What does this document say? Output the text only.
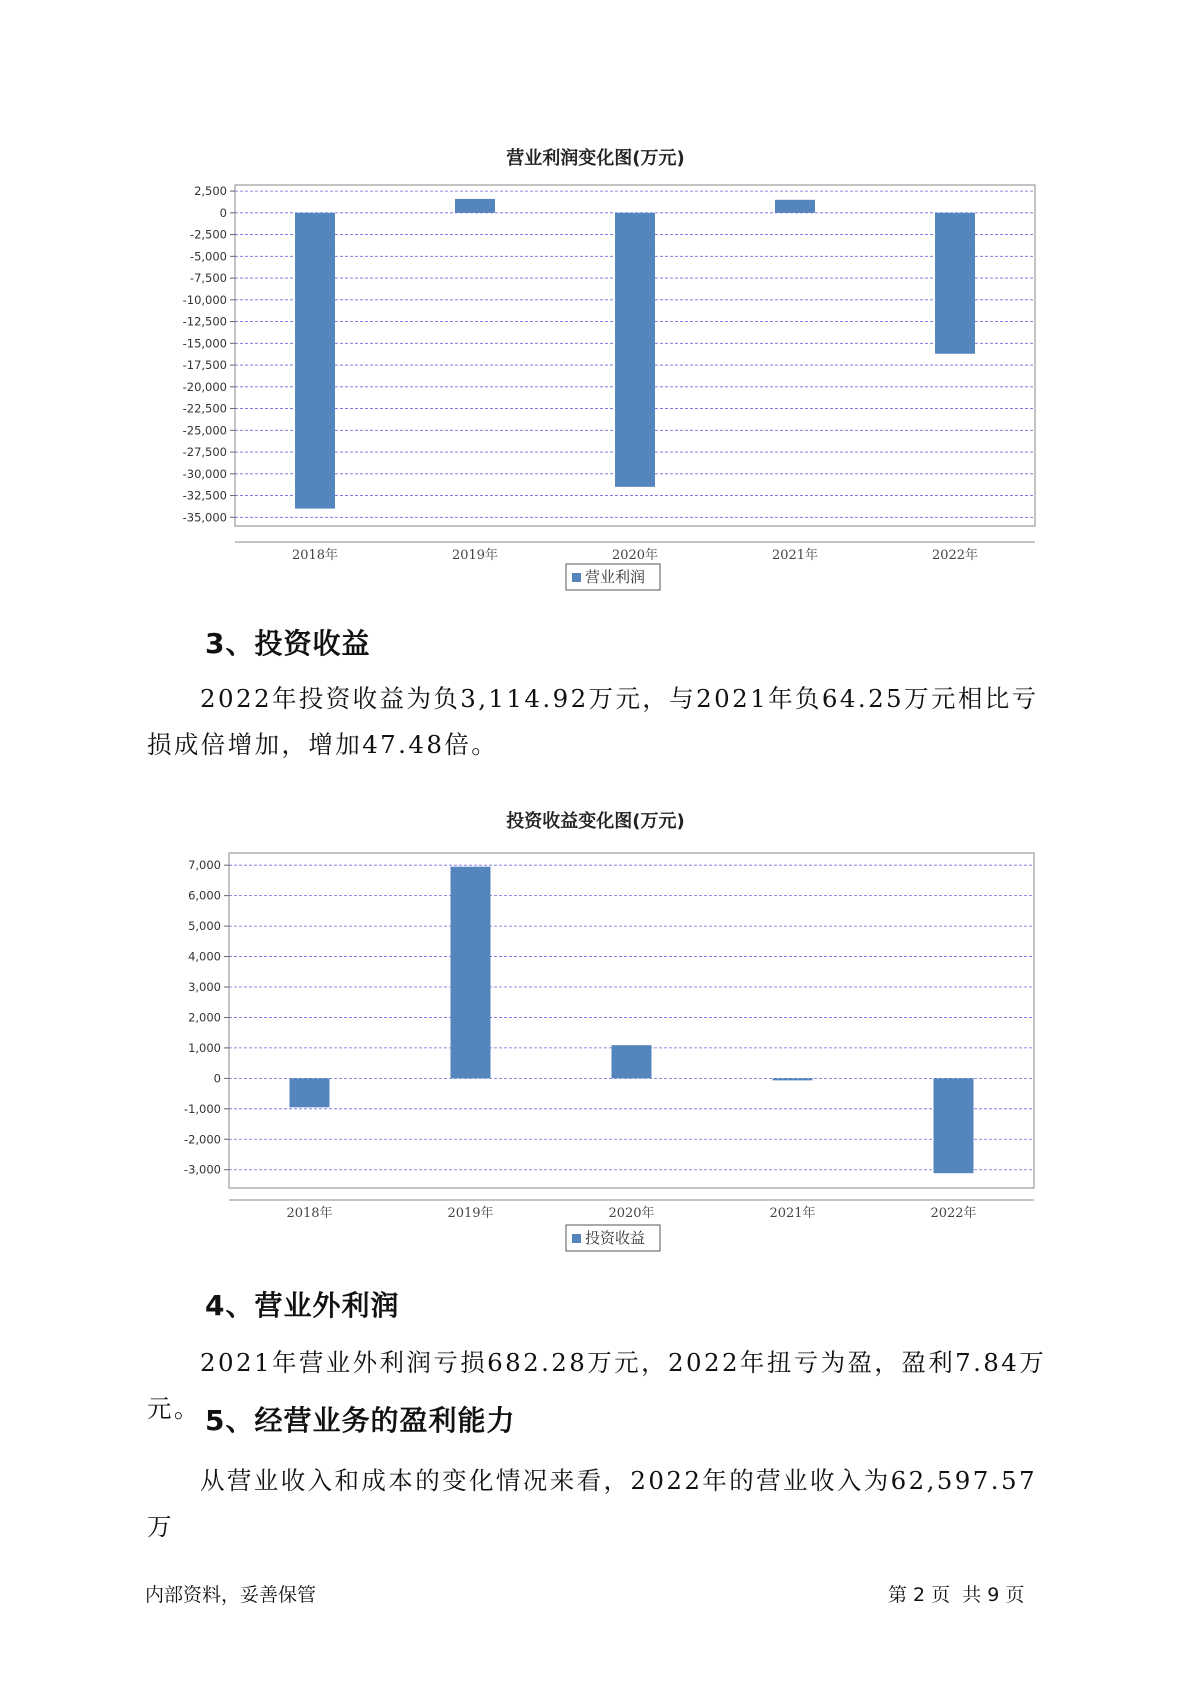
营业利润变化图(万元)
2,500
0
-2,500
-5,000
-7,500
-10,000
-12,500
-15,000
-17,500
-20,000
-22,500
-25,000
-27,500
-30,000
-32,500
-35,000
2018年	2019年	2020年	2021年	2022年
营业利润
3、投资收益

2022年投资收益为负3,114.92万元，与2021年负64.25万元相比亏损成倍增加，增加47.48倍。

投资收益变化图(万元)
7,000
6,000
5,000
4,000
3,000
2,000
1,000
0
-1,000
-2,000
-3,000
2018年	2019年	2020年	2021年	2022年
投资收益
4、营业外利润

2021年营业外利润亏损682.28万元，2022年扭亏为盈，盈利7.84万元。 5、经营业务的盈利能力

从营业收入和成本的变化情况来看，2022年的营业收入为62,597.57万

内部资料，妥善保管	第 2 页  共 9 页
